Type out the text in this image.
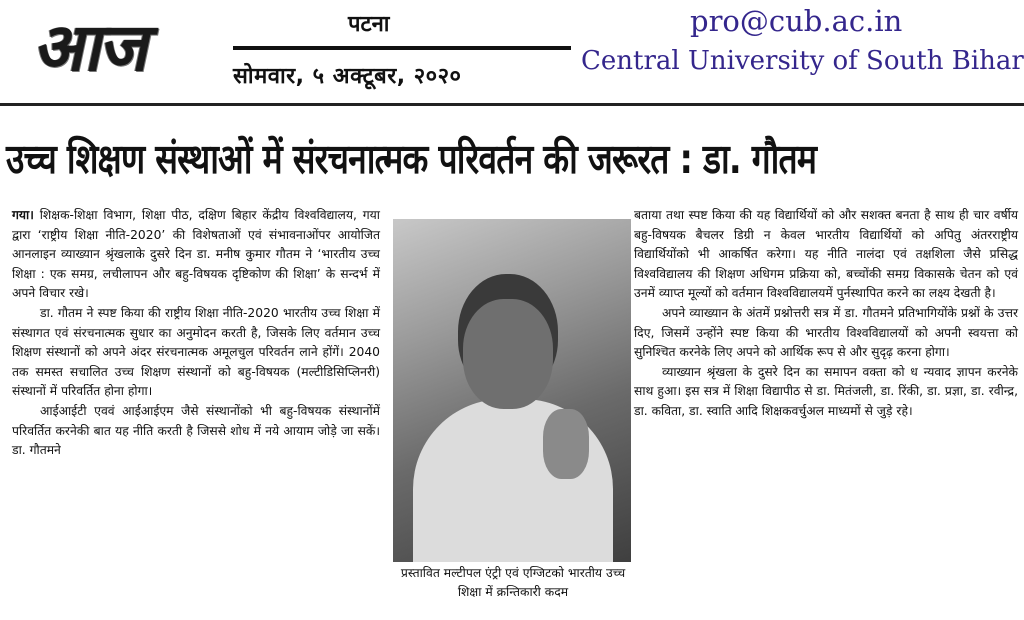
आज	पटना
सोमवार, ५ अक्टूबर, २०२०
pro@cub.ac.in
Central University of South Bihar
उच्च शिक्षण संस्थाओं में संरचनात्मक परिवर्तन की जरूरत : डा. गौतम

गया। शिक्षक-शिक्षा विभाग, शिक्षा पीठ, दक्षिण बिहार केंद्रीय विश्वविद्यालय, गया द्वारा ‘राष्ट्रीय शिक्षा नीति-2020’ की विशेषताओं एवं संभावनाओंपर आयोजित आनलाइन व्याख्यान श्रृंखलाके दुसरे दिन डा. मनीष कुमार गौतम ने ‘भारतीय उच्च शिक्षा : एक समग्र, लचीलापन और बहु-विषयक दृष्टिकोण की शिक्षा’ के सन्दर्भ में अपने विचार रखे।

डा. गौतम ने स्पष्ट किया की राष्ट्रीय शिक्षा नीति-2020 भारतीय उच्च शिक्षा में संस्थागत एवं संरचनात्मक सुधार का अनुमोदन करती है, जिसके लिए वर्तमान उच्च शिक्षण संस्थानों को अपने अंदर संरचनात्मक अमूलचुल परिवर्तन लाने होंगें। 2040 तक समस्त सचालित उच्च शिक्षण संस्थानों को बहु-विषयक (मल्टीडिसिप्लिनरी) संस्थानों में परिवर्तित होना होगा।

आईआईटी एववं आईआईएम जैसे संस्थानोंको भी बहु-विषयक संस्थानोंमें परिवर्तित करनेकी बात यह नीति करती है जिससे शोध में नये आयाम जोड़े जा सकें। डा. गौतमने

प्रस्तावित मल्टीपल एंट्री एवं एग्जिटको भारतीय उच्च शिक्षा में क्रन्तिकारी कदम

बताया तथा स्पष्ट किया की यह विद्यार्थियों को और सशक्त बनता है साथ ही चार वर्षीय बहु-विषयक बैचलर डिग्री न केवल भारतीय विद्यार्थियों को अपितु अंतरराष्ट्रीय विद्यार्थियोंको भी आकर्षित करेगा। यह नीति नालंदा एवं तक्षशिला जैसे प्रसिद्ध विश्वविद्यालय की शिक्षण अधिगम प्रक्रिया को, बच्चोंकी समग्र विकासके चेतन को एवं उनमें व्याप्त मूल्यों को वर्तमान विश्वविद्यालयमें पुर्नस्थापित करने का लक्ष्य देखती है।

अपने व्याख्यान के अंतमें प्रश्नोत्तरी सत्र में डा. गौतमने प्रतिभागियोंके प्रश्नों के उत्तर दिए, जिसमें उन्होंने स्पष्ट किया की भारतीय विश्वविद्यालयों को अपनी स्वयत्ता को सुनिश्चित करनेके लिए अपने को आर्थिक रूप से और सुदृढ़ करना होगा।

व्याख्यान श्रृंखला के दुसरे दिन का समापन वक्ता को ध न्यवाद ज्ञापन करनेके साथ हुआ। इस सत्र में शिक्षा विद्यापीठ से डा. मितंजली, डा. रिंकी, डा. प्रज्ञा, डा. रवीन्द्र, डा. कविता, डा. स्वाति आदि शिक्षकवर्चुअल माध्यमों से जुड़े रहे।
